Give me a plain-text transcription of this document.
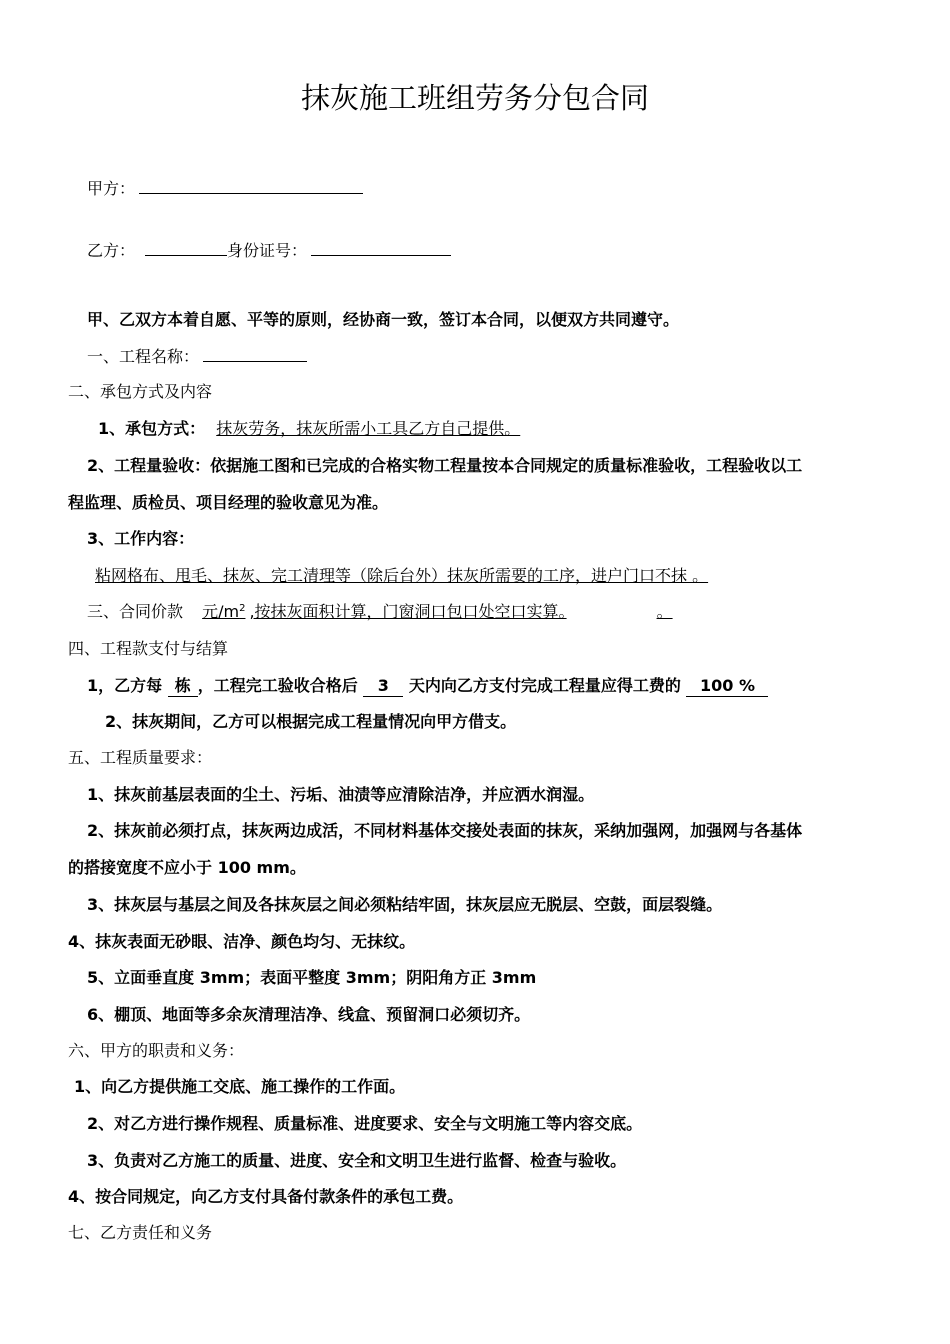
抹灰施工班组劳务分包合同
甲方：
乙方：	身份证号：
甲、乙双方本着自愿、平等的原则，经协商一致，签订本合同，以便双方共同遵守。
一、工程名称：
二、承包方式及内容
1、承包方式： 抹灰劳务，抹灰所需小工具乙方自己提供。
2、工程量验收：依据施工图和已完成的合格实物工程量按本合同规定的质量标准验收，工程验收以工
程监理、质检员、项目经理的验收意见为准。
3、工作内容：
粘网格布、甩毛、抹灰、完工清理等（除后台外）抹灰所需要的工序，进户门口不抹 。
三、合同价款 元$/m^2$ ,按抹灰面积计算，门窗洞口包口处空口实算。	。
四、工程款支付与结算
1，乙方每 栋 ，工程完工验收合格后 3 天内向乙方支付完成工程量应得工费的 100 %
2、抹灰期间，乙方可以根据完成工程量情况向甲方借支。
五、工程质量要求：
1、抹灰前基层表面的尘土、污垢、油渍等应清除洁净，并应洒水润湿。
2、抹灰前必须打点，抹灰两边成活，不同材料基体交接处表面的抹灰，采纳加强网，加强网与各基体
的搭接宽度不应小于 100 mm。
3、抹灰层与基层之间及各抹灰层之间必须粘结牢固，抹灰层应无脱层、空鼓，面层裂缝。
4、抹灰表面无砂眼、洁净、颜色均匀、无抹纹。
5、立面垂直度 3mm；表面平整度 3mm；阴阳角方正 3mm
6、棚顶、地面等多余灰清理洁净、线盒、预留洞口必须切齐。
六、甲方的职责和义务：
1、向乙方提供施工交底、施工操作的工作面。
2、对乙方进行操作规程、质量标准、进度要求、安全与文明施工等内容交底。
3、负责对乙方施工的质量、进度、安全和文明卫生进行监督、检查与验收。
4、按合同规定，向乙方支付具备付款条件的承包工费。
七、乙方责任和义务
